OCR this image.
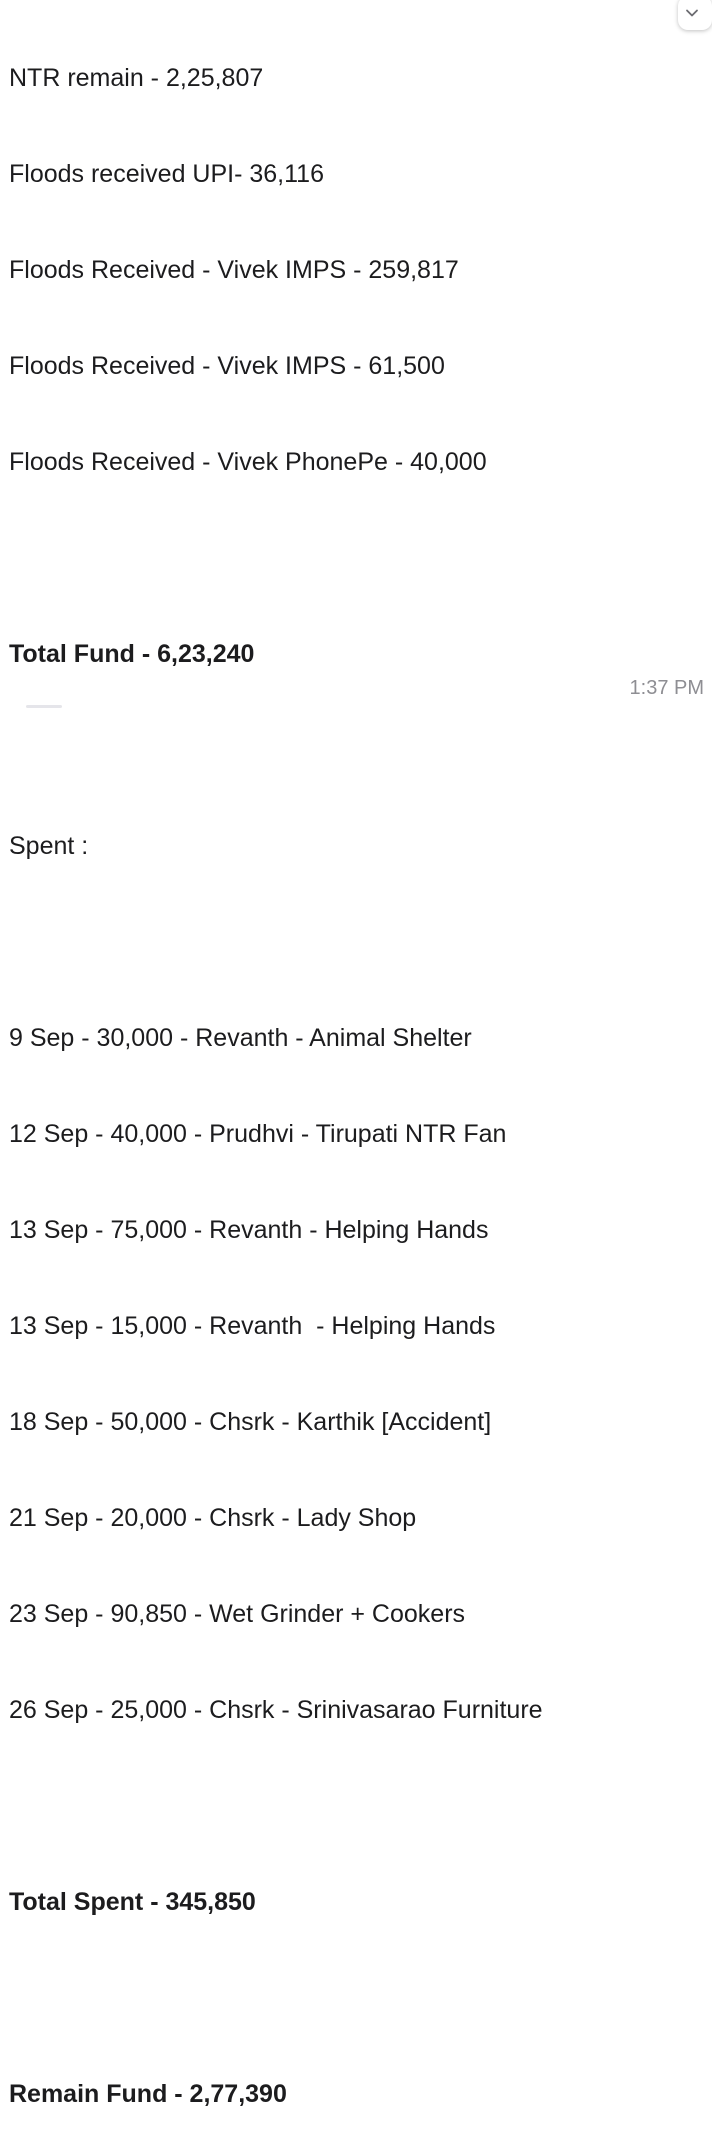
NTR remain - 2,25,807

Floods received UPI- 36,116

Floods Received - Vivek IMPS - 259,817

Floods Received - Vivek IMPS - 61,500

Floods Received - Vivek PhonePe - 40,000

Total Fund - 6,23,240

Spent :

9 Sep - 30,000 - Revanth - Animal Shelter

12 Sep - 40,000 - Prudhvi - Tirupati NTR Fan

13 Sep - 75,000 - Revanth - Helping Hands

13 Sep - 15,000 - Revanth  - Helping Hands

18 Sep - 50,000 - Chsrk - Karthik [Accident]

21 Sep - 20,000 - Chsrk - Lady Shop

23 Sep - 90,850 - Wet Grinder + Cookers

26 Sep - 25,000 - Chsrk - Srinivasarao Furniture

Total Spent - 345,850

Remain Fund - 2,77,390

1:37 PM
